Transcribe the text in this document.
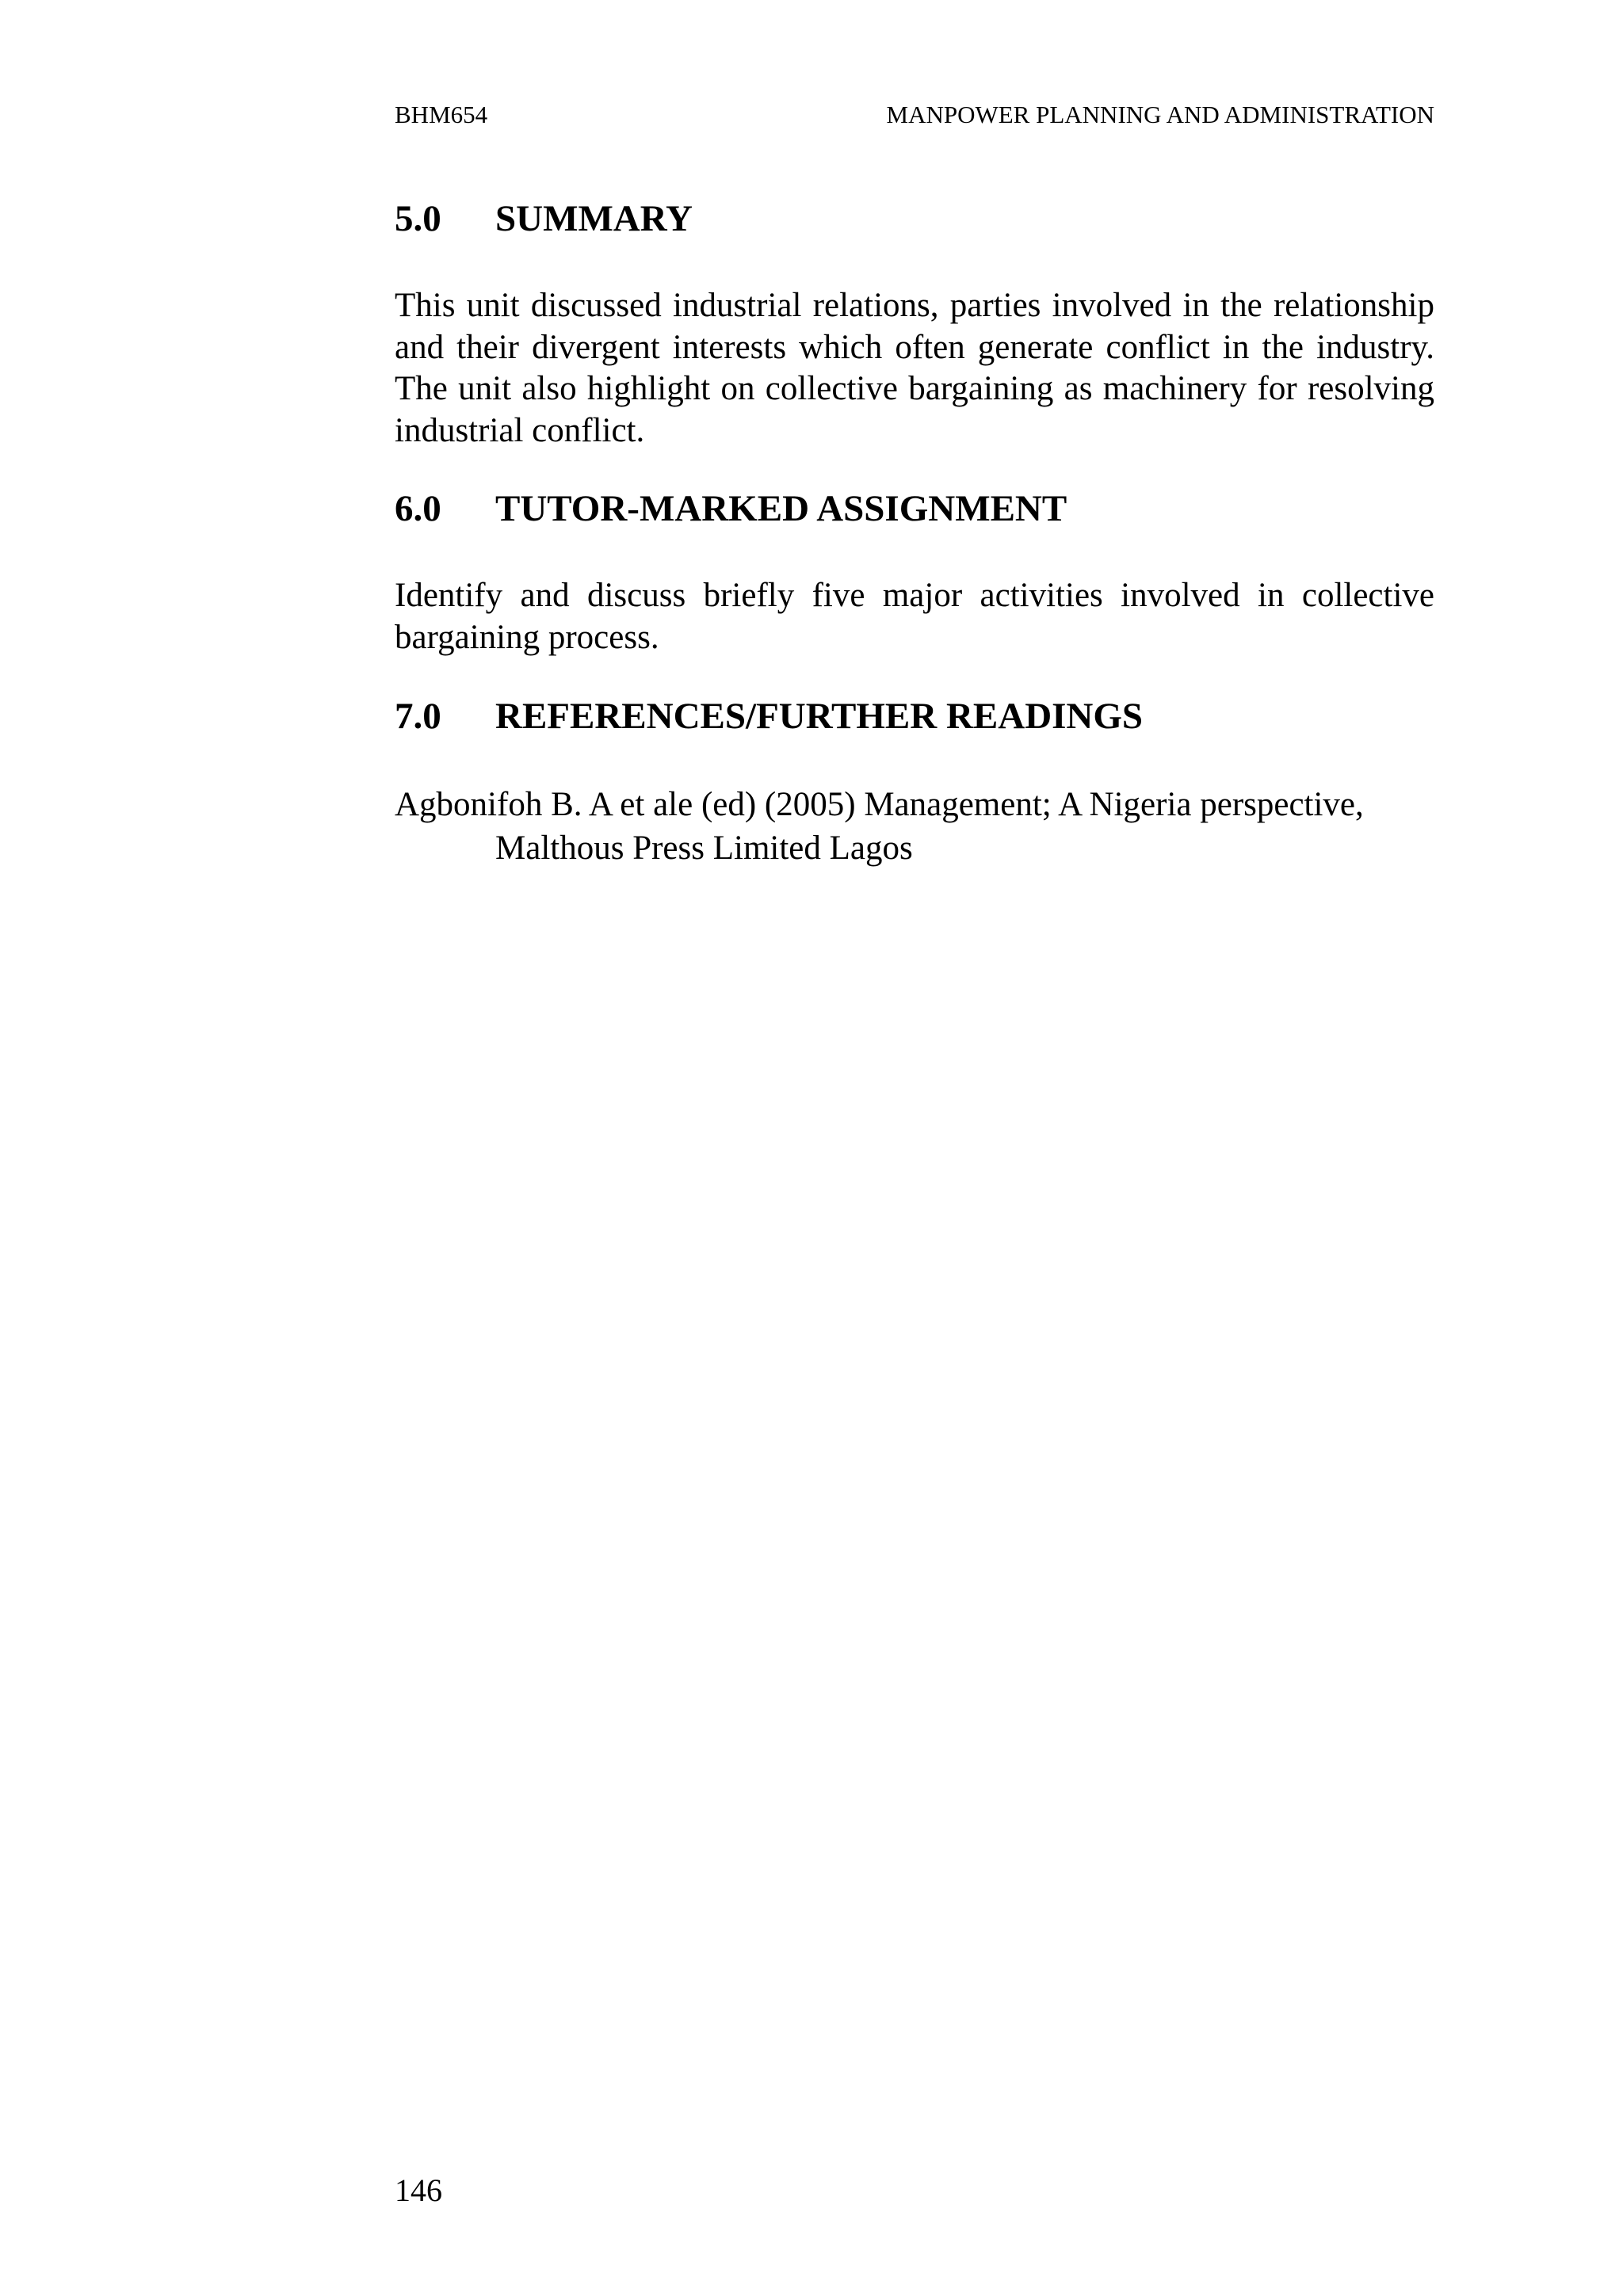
BHM654	MANPOWER PLANNING AND ADMINISTRATION
5.0 SUMMARY
This unit discussed industrial relations, parties involved in the relationship and their divergent interests which often generate conflict in the industry. The unit also highlight on collective bargaining as machinery for resolving industrial conflict.
6.0 TUTOR-MARKED ASSIGNMENT
Identify and discuss briefly five major activities involved in collective bargaining process.
7.0 REFERENCES/FURTHER READINGS
Agbonifoh B. A et ale (ed) (2005) Management; A Nigeria perspective,
Malthous Press Limited Lagos
146
